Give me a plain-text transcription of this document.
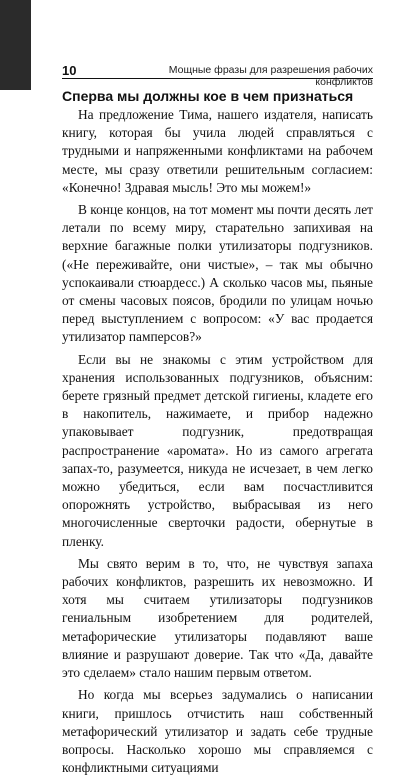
10	Мощные фразы для разрешения рабочих конфликтов
Сперва мы должны кое в чем признаться

На предложение Тима, нашего издателя, написать книгу, которая бы учила людей справляться с трудными и напряженными конфликтами на рабочем месте, мы сразу ответили решительным согласием: «Конечно! Здравая мысль! Это мы можем!»

В конце концов, на тот момент мы почти десять лет летали по всему миру, старательно запихивая на верхние багажные полки утилизаторы подгузников. («Не переживайте, они чистые», – так мы обычно успокаивали стюардесс.) А сколько часов мы, пьяные от смены часовых поясов, бродили по улицам ночью перед выступлением с вопросом: «У вас продается утилизатор памперсов?»

Если вы не знакомы с этим устройством для хранения использованных подгузников, объясним: берете грязный предмет детской гигиены, кладете его в накопитель, нажимаете, и прибор надежно упаковывает подгузник, предотвращая распространение «аромата». Но из самого агрегата запах-то, разумеется, никуда не исчезает, в чем легко можно убедиться, если вам посчастливится опорожнять устройство, выбрасывая из него многочисленные сверточки радости, обернутые в пленку.

Мы свято верим в то, что, не чувствуя запаха рабочих конфликтов, разрешить их невозможно. И хотя мы считаем утилизаторы подгузников гениальным изобретением для родителей, метафорические утилизаторы подавляют ваше влияние и разрушают доверие. Так что «Да, давайте это сделаем» стало нашим первым ответом.

Но когда мы всерьез задумались о написании книги, пришлось отчистить наш собственный метафорический утилизатор и задать себе трудные вопросы. Насколько хорошо мы справляемся с конфликтными ситуациями
